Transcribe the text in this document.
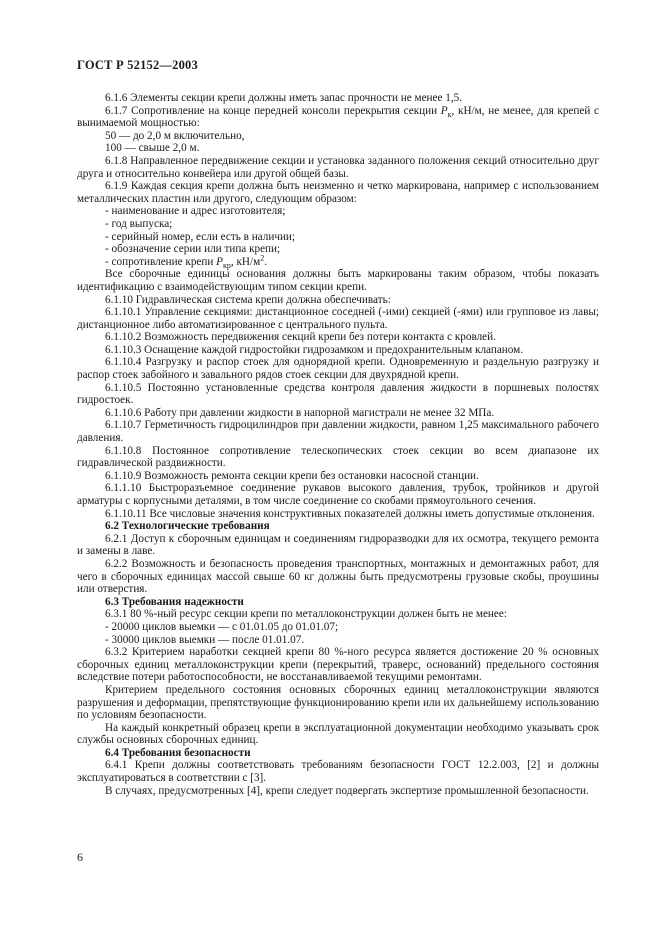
ГОСТ Р 52152—2003

6.1.6 Элементы секции крепи должны иметь запас прочности не менее 1,5.

6.1.7 Сопротивление на конце передней консоли перекрытия секции $P_к$, кН/м, не менее, для крепей с вынимаемой мощностью:

50 — до 2,0 м включительно,

100 — свыше 2,0 м.

6.1.8 Направленное передвижение секции и установка заданного положения секций относительно друг друга и относительно конвейера или другой общей базы.

6.1.9 Каждая секция крепи должна быть неизменно и четко маркирована, например с использованием металлических пластин или другого, следующим образом:

- наименование и адрес изготовителя;

- год выпуска;

- серийный номер, если есть в наличии;

- обозначение серии или типа крепи;

- сопротивление крепи $P_{кр}$, $кН/м^2$.

Все сборочные единицы основания должны быть маркированы таким образом, чтобы показать идентификацию с взаимодействующим типом секции крепи.

6.1.10 Гидравлическая система крепи должна обеспечивать:

6.1.10.1 Управление секциями: дистанционное соседней (-ими) секцией (-ями) или групповое из лавы; дистанционное либо автоматизированное с центрального пульта.

6.1.10.2 Возможность передвижения секций крепи без потери контакта с кровлей.

6.1.10.3 Оснащение каждой гидростойки гидрозамком и предохранительным клапаном.

6.1.10.4 Разгрузку и распор стоек для однорядной крепи. Одновременную и раздельную разгрузку и распор стоек забойного и завального рядов стоек секции для двухрядной крепи.

6.1.10.5 Постоянно установленные средства контроля давления жидкости в поршневых полостях гидростоек.

6.1.10.6 Работу при давлении жидкости в напорной магистрали не менее 32 МПа.

6.1.10.7 Герметичность гидроцилиндров при давлении жидкости, равном 1,25 максимального рабочего давления.

6.1.10.8 Постоянное сопротивление телескопических стоек секции во всем диапазоне их гидравлической раздвижности.

6.1.10.9 Возможность ремонта секции крепи без остановки насосной станции.

6.1.1.10 Быстроразъемное соединение рукавов высокого давления, трубок, тройников и другой арматуры с корпусными деталями, в том числе соединение со скобами прямоугольного сечения.

6.1.10.11 Все числовые значения конструктивных показателей должны иметь допустимые отклонения.

6.2 Технологические требования

6.2.1 Доступ к сборочным единицам и соединениям гидроразводки для их осмотра, текущего ремонта и замены в лаве.

6.2.2 Возможность и безопасность проведения транспортных, монтажных и демонтажных работ, для чего в сборочных единицах массой свыше 60 кг должны быть предусмотрены грузовые скобы, проушины или отверстия.

6.3 Требования надежности

6.3.1 80 %-ный ресурс секции крепи по металлоконструкции должен быть не менее:

- 20000 циклов выемки — с 01.01.05 до 01.01.07;

- 30000 циклов выемки — после 01.01.07.

6.3.2 Критерием наработки секцией крепи 80 %-ного ресурса является достижение 20 % основных сборочных единиц металлоконструкции крепи (перекрытий, траверс, оснований) предельного состояния вследствие потери работоспособности, не восстанавливаемой текущими ремонтами.

Критерием предельного состояния основных сборочных единиц металлоконструкции являются разрушения и деформации, препятствующие функционированию крепи или их дальнейшему использованию по условиям безопасности.

На каждый конкретный образец крепи в эксплуатационной документации необходимо указывать срок службы основных сборочных единиц.

6.4 Требования безопасности

6.4.1 Крепи должны соответствовать требованиям безопасности ГОСТ 12.2.003, [2] и должны эксплуатироваться в соответствии с [3].

В случаях, предусмотренных [4], крепи следует подвергать экспертизе промышленной безопасности.

6
